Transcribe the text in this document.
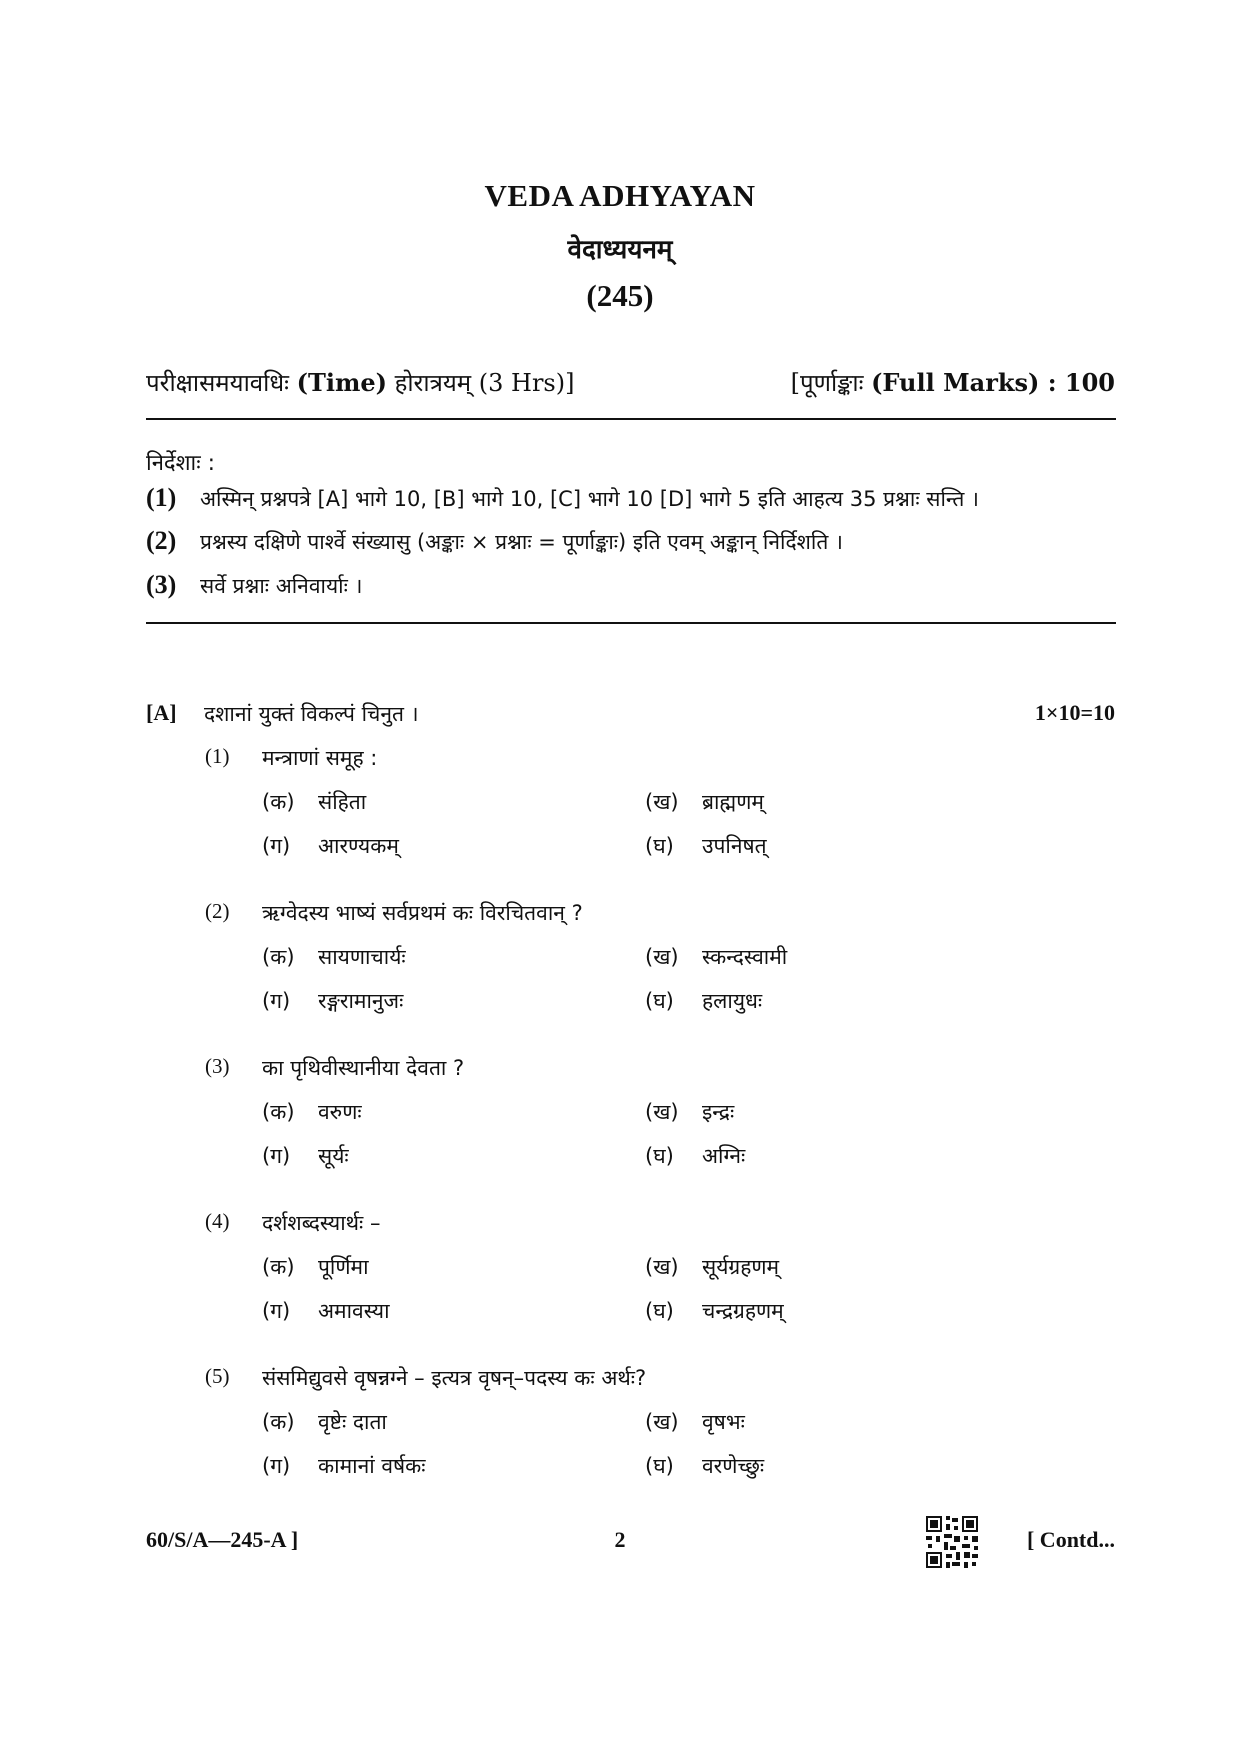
VEDA ADHYAYAN
वेदाध्ययनम्
(245)
परीक्षासमयावधिः (Time) होरात्रयम् (3 Hrs)]	[पूर्णाङ्काः (Full Marks) : 100
निर्देशाः :
(1) अस्मिन् प्रश्नपत्रे [A] भागे 10, [B] भागे 10, [C] भागे 10 [D] भागे 5 इति आहत्य 35 प्रश्नाः सन्ति ।
(2) प्रश्नस्य दक्षिणे पार्श्वे संख्यासु (अङ्काः × प्रश्नाः = पूर्णाङ्काः) इति एवम् अङ्कान् निर्दिशति ।
(3) सर्वे प्रश्नाः अनिवार्याः ।
[A] दशानां युक्तं विकल्पं चिनुत ।	1×10=10
(1) मन्त्राणां समूह :
(क) संहिता	(ख) ब्राह्मणम्
(ग) आरण्यकम्	(घ) उपनिषत्
(2) ऋग्वेदस्य भाष्यं सर्वप्रथमं कः विरचितवान् ?
(क) सायणाचार्यः	(ख) स्कन्दस्वामी
(ग) रङ्गरामानुजः	(घ) हलायुधः
(3) का पृथिवीस्थानीया देवता ?
(क) वरुणः	(ख) इन्द्रः
(ग) सूर्यः	(घ) अग्निः
(4) दर्शशब्दस्यार्थः –
(क) पूर्णिमा	(ख) सूर्यग्रहणम्
(ग) अमावस्या	(घ) चन्द्रग्रहणम्
(5) संसमिद्युवसे वृषन्नग्ने – इत्यत्र वृषन्–पदस्य कः अर्थः?
(क) वृष्टेः दाता	(ख) वृषभः
(ग) कामानां वर्षकः	(घ) वरणेच्छुः
60/S/A—245-A ]	2	[ Contd...
